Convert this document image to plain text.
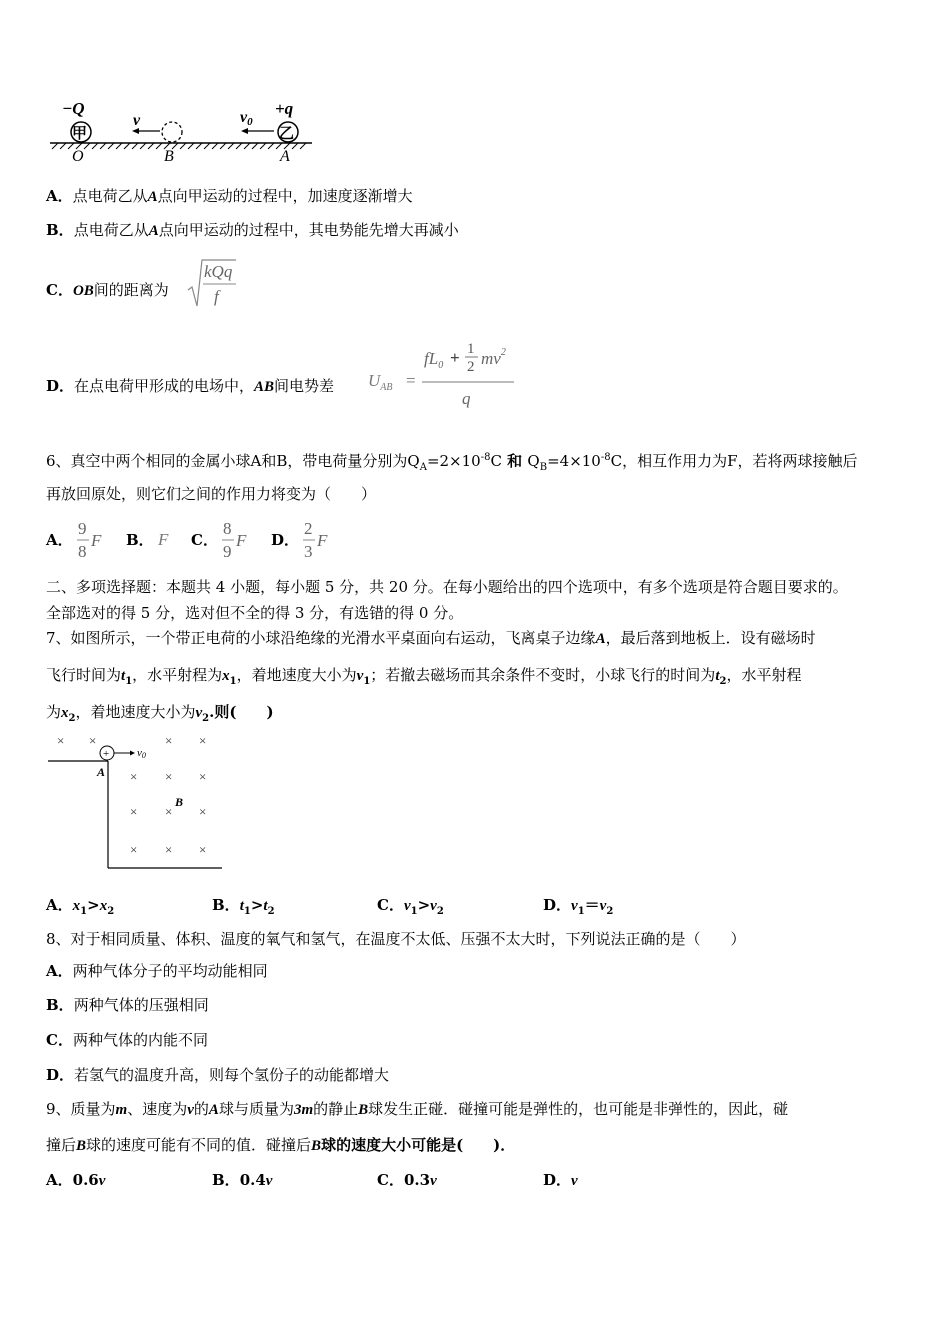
−Q
甲
v
+q
v0
乙
O	B	A
A．点电荷乙从A点向甲运动的过程中，加速度逐渐增大
B．点电荷乙从A点向甲运动的过程中，其电势能先增大再减小
C．OB间的距离为
kQq
f
D．在点电荷甲形成的电场中，AB间电势差 $U_{AB}$ =
$fL_0 + 1$
2 $mv^2$
q
6、真空中两个相同的金属小球A和B，带电荷量分别为$Q_A=2\times 10^{-8}C$ 和 $Q_B=4\times 10^{-8}C$，相互作用力为F，若将两球接触后
再放回原处，则它们之间的作用力将变为（　　）
A．
9
8
F B． F C．
8
9
F D．
2
3
F
二、多项选择题：本题共 4 小题，每小题 5 分，共 20 分。在每小题给出的四个选项中，有多个选项是符合题目要求的。
全部选对的得 5 分，选对但不全的得 3 分，有选错的得 0 分。
7、如图所示，一个带正电荷的小球沿绝缘的光滑水平桌面向右运动，飞离桌子边缘A，最后落到地板上．设有磁场时
飞行时间为$t_1$，水平射程为$x_1$，着地速度大小为$v_1$；若撤去磁场而其余条件不变时，小球飞行的时间为$t_2$，水平射程
为$x_2$，着地速度大小为$v_2$.则(　　)
× ×	× ×
× × ×
× × ×
× × ×
+	v0
A
B
A．$x_1>x_2$	B．$t_1>t_2$	C．$v_1>v_2$	D．$v_1=v_2$
8、对于相同质量、体积、温度的氧气和氢气，在温度不太低、压强不太大时，下列说法正确的是（　　）
A．两种气体分子的平均动能相同
B．两种气体的压强相同
C．两种气体的内能不同
D．若氢气的温度升高，则每个氢份子的动能都增大
9、质量为m、速度为v的A球与质量为3m的静止B球发生正碰．碰撞可能是弹性的，也可能是非弹性的，因此，碰
撞后B球的速度可能有不同的值．碰撞后B球的速度大小可能是(　　)．
A．0.6v	B．0.4v	C．0.3v	D．v
